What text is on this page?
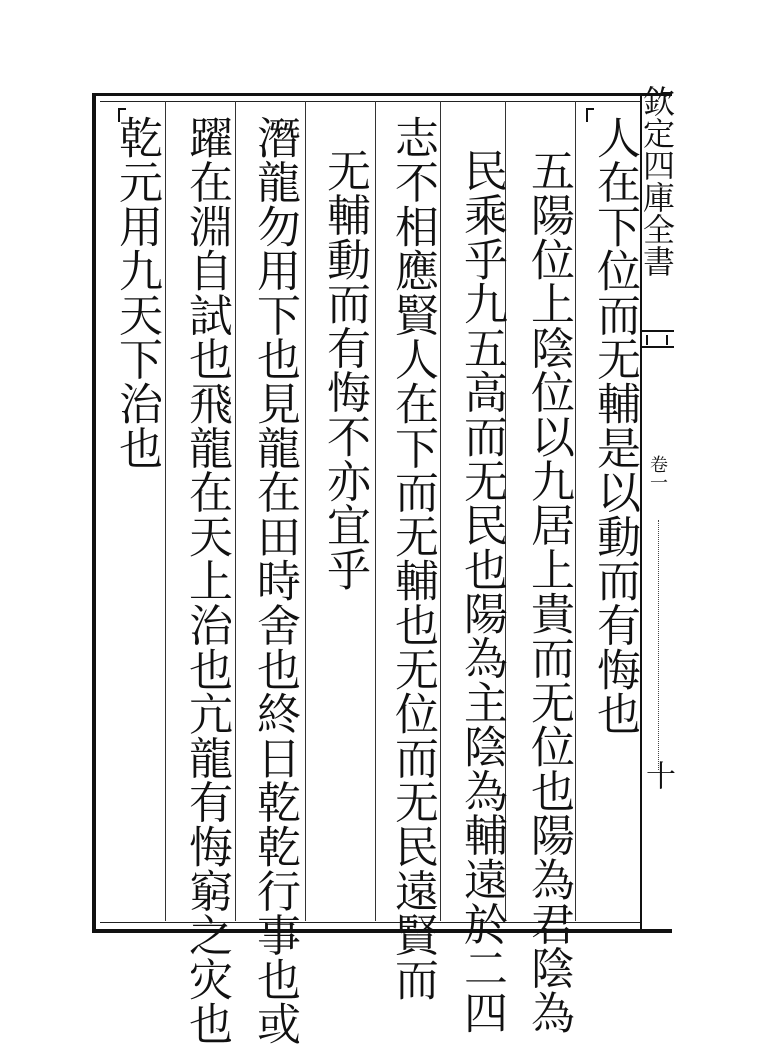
欽定四庫全書
卷一
十
人在下位而无輔是以動而有悔也
五陽位上陰位以九居上貴而无位也陽為君陰為
民乘乎九五高而无民也陽為主陰為輔遠於二四
志不相應賢人在下而无輔也无位而无民遠賢而
无輔動而有悔不亦宜乎
潛龍勿用下也見龍在田時舍也終日乾乾行事也或
躍在淵自試也飛龍在天上治也亢龍有悔窮之灾也
乾元用九天下治也
